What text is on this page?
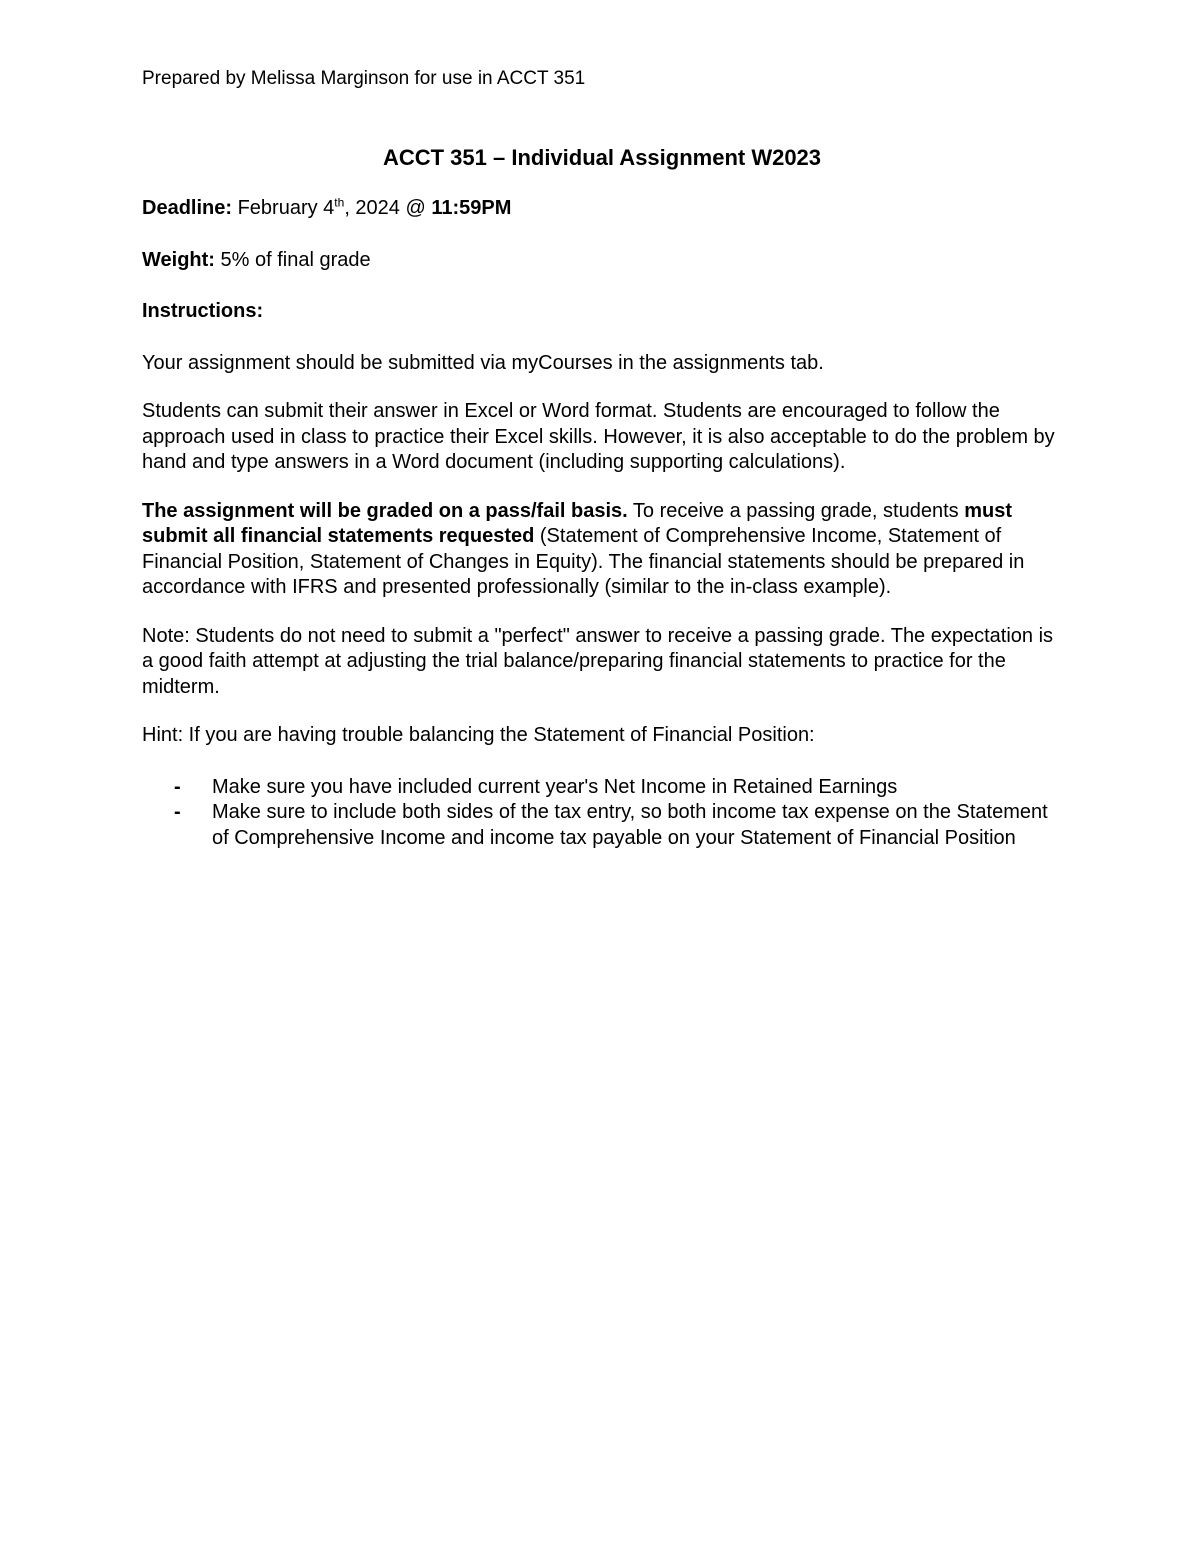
Prepared by Melissa Marginson for use in ACCT 351

ACCT 351 – Individual Assignment W2023

Deadline: February 4th, 2024 @ 11:59PM

Weight: 5% of final grade

Instructions:

Your assignment should be submitted via myCourses in the assignments tab.

Students can submit their answer in Excel or Word format. Students are encouraged to follow the approach used in class to practice their Excel skills. However, it is also acceptable to do the problem by hand and type answers in a Word document (including supporting calculations).

The assignment will be graded on a pass/fail basis. To receive a passing grade, students must submit all financial statements requested (Statement of Comprehensive Income, Statement of Financial Position, Statement of Changes in Equity). The financial statements should be prepared in accordance with IFRS and presented professionally (similar to the in-class example).

Note: Students do not need to submit a "perfect" answer to receive a passing grade. The expectation is a good faith attempt at adjusting the trial balance/preparing financial statements to practice for the midterm.

Hint: If you are having trouble balancing the Statement of Financial Position:

- Make sure you have included current year's Net Income in Retained Earnings
- Make sure to include both sides of the tax entry, so both income tax expense on the Statement of Comprehensive Income and income tax payable on your Statement of Financial Position
